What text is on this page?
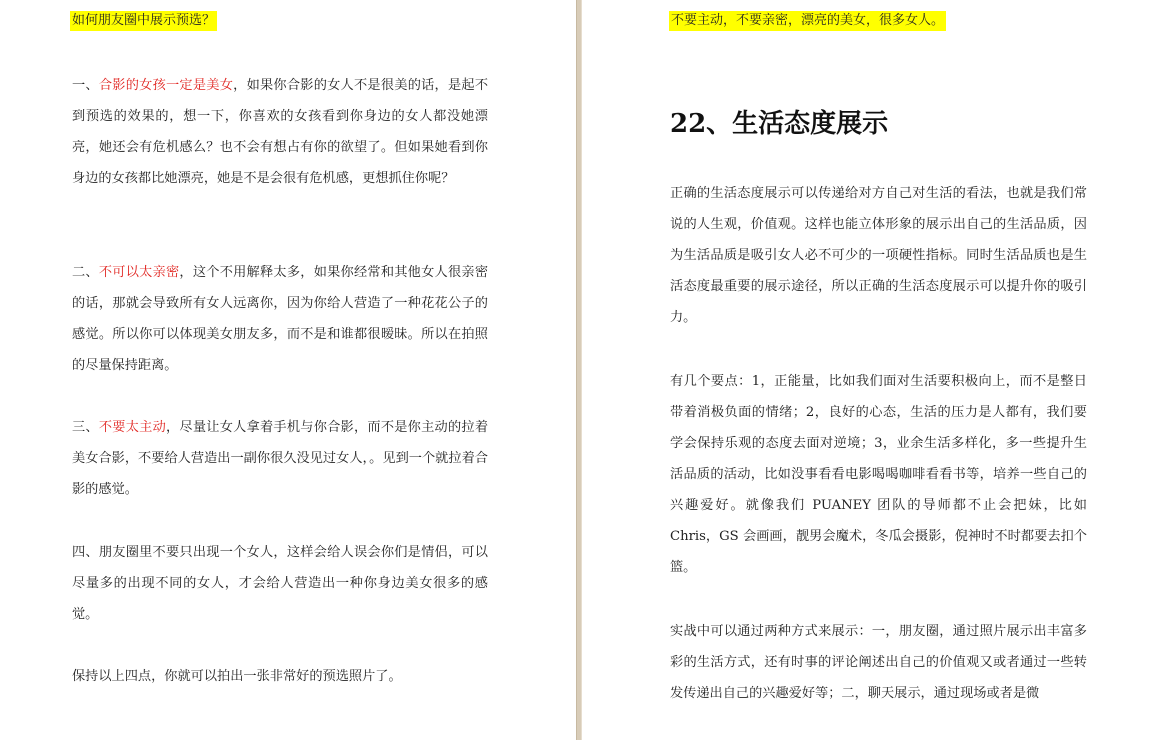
如何朋友圈中展示预选？
一、合影的女孩一定是美女，如果你合影的女人不是很美的话，是起不到预选的效果的，想一下，你喜欢的女孩看到你身边的女人都没她漂亮，她还会有危机感么？也不会有想占有你的欲望了。但如果她看到你身边的女孩都比她漂亮，她是不是会很有危机感，更想抓住你呢？
二、不可以太亲密，这个不用解释太多，如果你经常和其他女人很亲密的话，那就会导致所有女人远离你，因为你给人营造了一种花花公子的感觉。所以你可以体现美女朋友多，而不是和谁都很暧昧。所以在拍照的尽量保持距离。
三、不要太主动，尽量让女人拿着手机与你合影，而不是你主动的拉着美女合影，不要给人营造出一副你很久没见过女人，。见到一个就拉着合影的感觉。
四、朋友圈里不要只出现一个女人，这样会给人误会你们是情侣，可以尽量多的出现不同的女人，才会给人营造出一种你身边美女很多的感觉。
保持以上四点，你就可以拍出一张非常好的预选照片了。
不要主动，不要亲密，漂亮的美女，很多女人。
22、生活态度展示
正确的生活态度展示可以传递给对方自己对生活的看法，也就是我们常说的人生观，价值观。这样也能立体形象的展示出自己的生活品质，因为生活品质是吸引女人必不可少的一项硬性指标。同时生活品质也是生活态度最重要的展示途径，所以正确的生活态度展示可以提升你的吸引力。
有几个要点：1，正能量，比如我们面对生活要积极向上，而不是整日带着消极负面的情绪；2，良好的心态，生活的压力是人都有，我们要学会保持乐观的态度去面对逆境；3，业余生活多样化，多一些提升生活品质的活动，比如没事看看电影喝喝咖啡看看书等，培养一些自己的兴趣爱好。就像我们 PUANEY 团队的导师都不止会把妹，比如 Chris，GS 会画画，靓男会魔术，冬瓜会摄影，倪神时不时都要去扣个篮。
实战中可以通过两种方式来展示：一，朋友圈，通过照片展示出丰富多彩的生活方式，还有时事的评论阐述出自己的价值观又或者通过一些转发传递出自己的兴趣爱好等；二，聊天展示，通过现场或者是微
